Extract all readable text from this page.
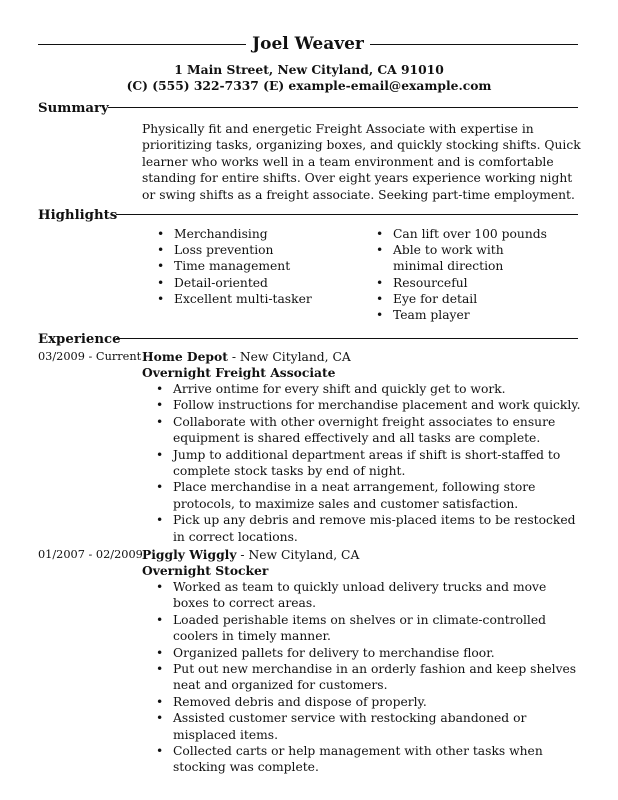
Joel Weaver
1 Main Street, New Cityland, CA 91010
(C) (555) 322-7337 (E) example-email@example.com
Summary

Physically fit and energetic Freight Associate with expertise in prioritizing tasks, organizing boxes, and quickly stocking shifts. Quick learner who works well in a team environment and is comfortable standing for entire shifts. Over eight years experience working night or swing shifts as a freight associate. Seeking part-time employment.

Highlights
• Merchandising
• Loss prevention
• Time management
• Detail-oriented
• Excellent multi-tasker
• Can lift over 100 pounds
• Able to work with minimal direction
• Resourceful
• Eye for detail
• Team player
Experience
03/2009 - Current Home Depot - New Cityland, CA
Overnight Freight Associate
• Arrive ontime for every shift and quickly get to work.
• Follow instructions for merchandise placement and work quickly.
• Collaborate with other overnight freight associates to ensure equipment is shared effectively and all tasks are complete.
• Jump to additional department areas if shift is short-staffed to complete stock tasks by end of night.
• Place merchandise in a neat arrangement, following store protocols, to maximize sales and customer satisfaction.
• Pick up any debris and remove mis-placed items to be restocked in correct locations.
01/2007 - 02/2009 Piggly Wiggly - New Cityland, CA
Overnight Stocker
• Worked as team to quickly unload delivery trucks and move boxes to correct areas.
• Loaded perishable items on shelves or in climate-controlled coolers in timely manner.
• Organized pallets for delivery to merchandise floor.
• Put out new merchandise in an orderly fashion and keep shelves neat and organized for customers.
• Removed debris and dispose of properly.
• Assisted customer service with restocking abandoned or misplaced items.
• Collected carts or help management with other tasks when stocking was complete.
